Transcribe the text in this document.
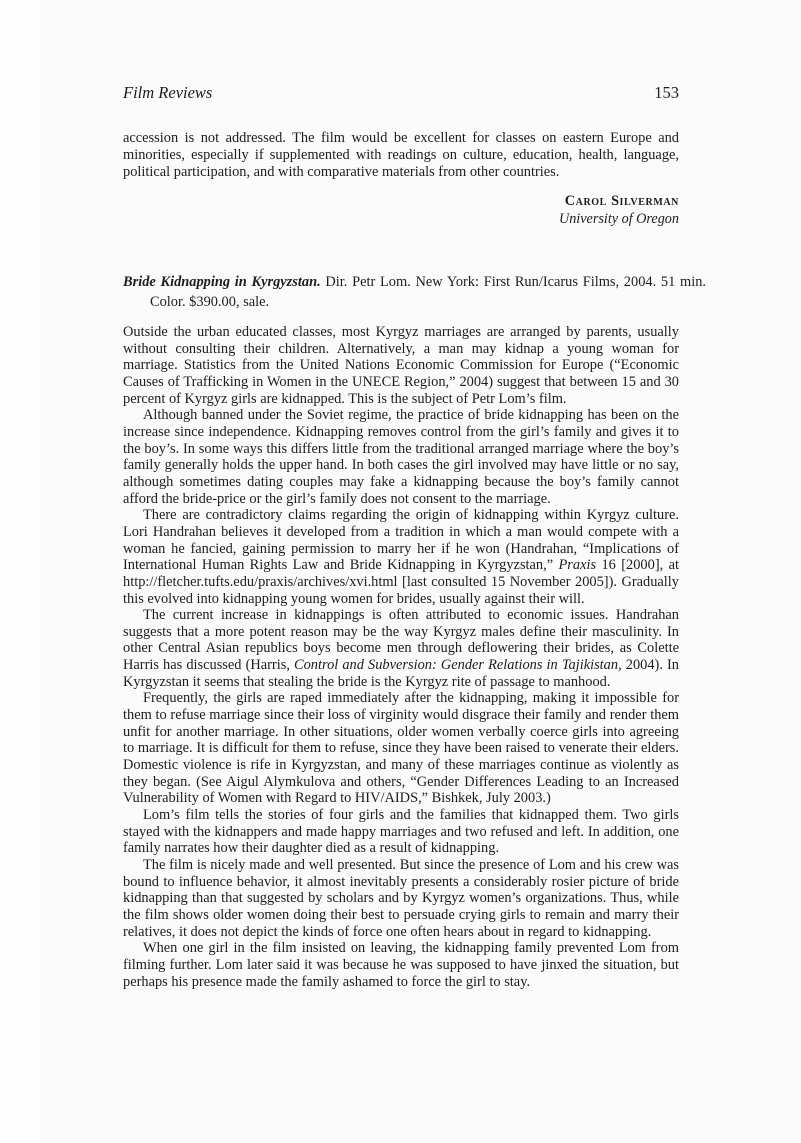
Film Reviews	153

accession is not addressed. The film would be excellent for classes on eastern Europe and minorities, especially if supplemented with readings on culture, education, health, language, political participation, and with comparative materials from other countries.

Carol Silverman
University of Oregon
Bride Kidnapping in Kyrgyzstan. Dir. Petr Lom. New York: First Run/Icarus Films, 2004. 51 min. Color. $390.00, sale.

Outside the urban educated classes, most Kyrgyz marriages are arranged by parents, usually without consulting their children. Alternatively, a man may kidnap a young woman for marriage. Statistics from the United Nations Economic Commission for Europe (“Economic Causes of Trafficking in Women in the UNECE Region,” 2004) suggest that between 15 and 30 percent of Kyrgyz girls are kidnapped. This is the subject of Petr Lom’s film.

Although banned under the Soviet regime, the practice of bride kidnapping has been on the increase since independence. Kidnapping removes control from the girl’s family and gives it to the boy’s. In some ways this differs little from the traditional arranged marriage where the boy’s family generally holds the upper hand. In both cases the girl involved may have little or no say, although sometimes dating couples may fake a kidnapping because the boy’s family cannot afford the bride-price or the girl’s family does not consent to the marriage.

There are contradictory claims regarding the origin of kidnapping within Kyrgyz culture. Lori Handrahan believes it developed from a tradition in which a man would compete with a woman he fancied, gaining permission to marry her if he won (Handrahan, “Implications of International Human Rights Law and Bride Kidnapping in Kyrgyzstan,” Praxis 16 [2000], at http://fletcher.tufts.edu/praxis/archives/xvi.html [last consulted 15 November 2005]). Gradually this evolved into kidnapping young women for brides, usually against their will.

The current increase in kidnappings is often attributed to economic issues. Handrahan suggests that a more potent reason may be the way Kyrgyz males define their masculinity. In other Central Asian republics boys become men through deflowering their brides, as Colette Harris has discussed (Harris, Control and Subversion: Gender Relations in Tajikistan, 2004). In Kyrgyzstan it seems that stealing the bride is the Kyrgyz rite of passage to manhood.

Frequently, the girls are raped immediately after the kidnapping, making it impossible for them to refuse marriage since their loss of virginity would disgrace their family and render them unfit for another marriage. In other situations, older women verbally coerce girls into agreeing to marriage. It is difficult for them to refuse, since they have been raised to venerate their elders. Domestic violence is rife in Kyrgyzstan, and many of these marriages continue as violently as they began. (See Aigul Alymkulova and others, “Gender Differences Leading to an Increased Vulnerability of Women with Regard to HIV/AIDS,” Bishkek, July 2003.)

Lom’s film tells the stories of four girls and the families that kidnapped them. Two girls stayed with the kidnappers and made happy marriages and two refused and left. In addition, one family narrates how their daughter died as a result of kidnapping.

The film is nicely made and well presented. But since the presence of Lom and his crew was bound to influence behavior, it almost inevitably presents a considerably rosier picture of bride kidnapping than that suggested by scholars and by Kyrgyz women’s organizations. Thus, while the film shows older women doing their best to persuade crying girls to remain and marry their relatives, it does not depict the kinds of force one often hears about in regard to kidnapping.

When one girl in the film insisted on leaving, the kidnapping family prevented Lom from filming further. Lom later said it was because he was supposed to have jinxed the situation, but perhaps his presence made the family ashamed to force the girl to stay.
